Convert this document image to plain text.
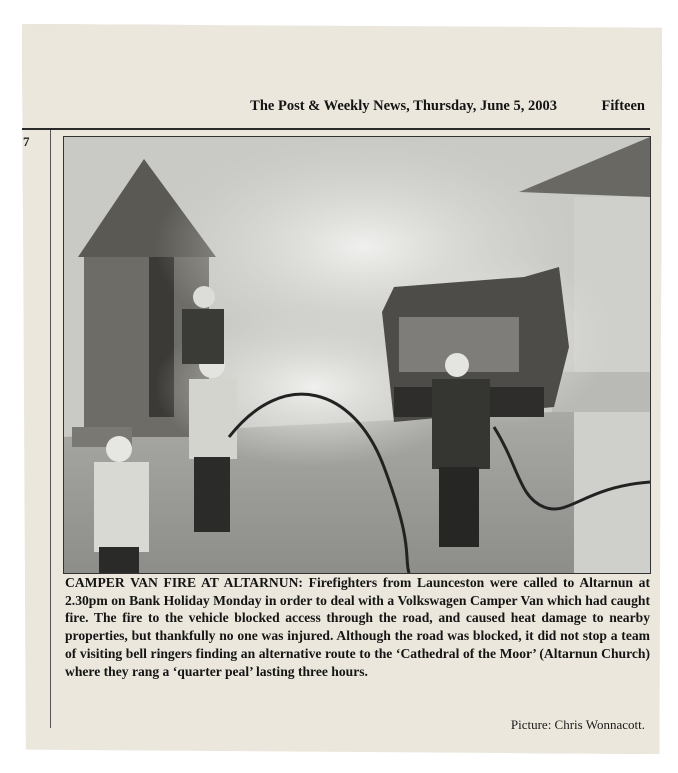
The Post & Weekly News, Thursday, June 5, 2003	Fifteen
7
CAMPER VAN FIRE AT ALTARNUN: Firefighters from Launceston were called to Altarnun at 2.30pm on Bank Holiday Monday in order to deal with a Volkswagen Camper Van which had caught fire. The fire to the vehicle blocked access through the road, and caused heat damage to nearby properties, but thankfully no one was injured. Although the road was blocked, it did not stop a team of visiting bell ringers finding an alternative route to the ‘Cathedral of the Moor’ (Altarnun Church) where they rang a ‘quarter peal’ lasting three hours.
Picture: Chris Wonnacott.
